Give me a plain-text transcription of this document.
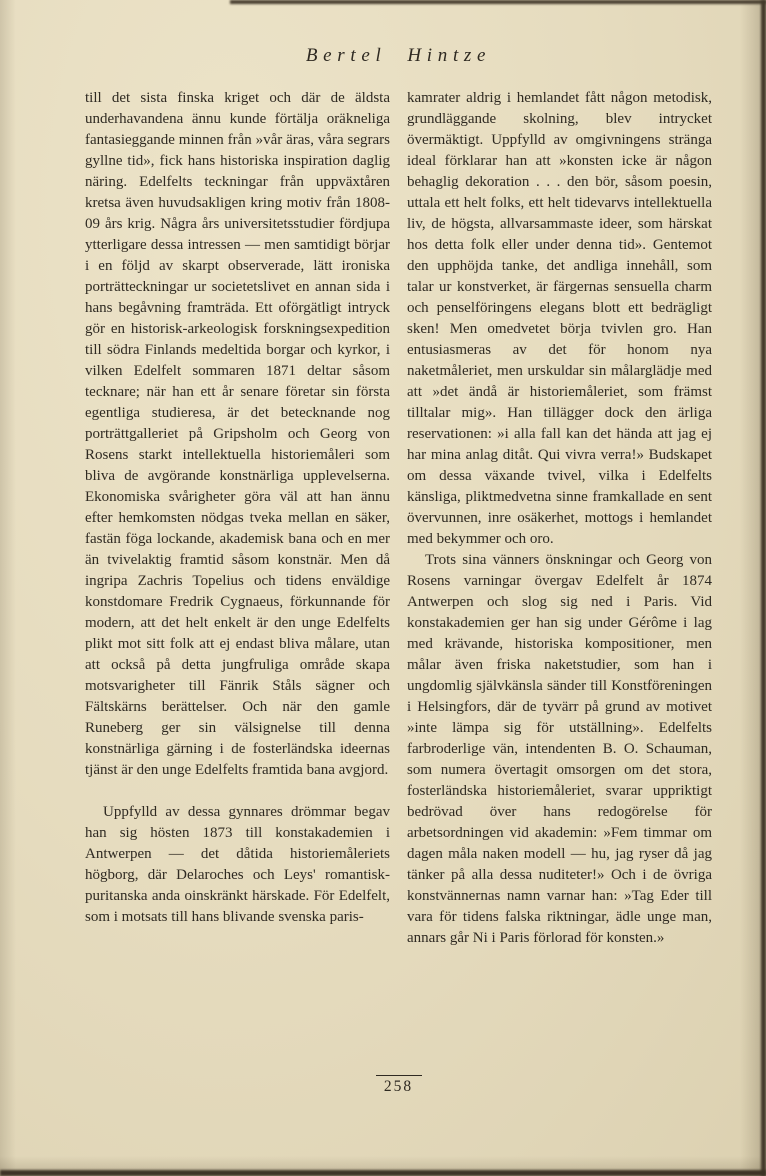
Bertel Hintze

till det sista finska kriget och där de äldsta underhavandena ännu kunde förtälja oräkneliga fantasieggande minnen från »vår äras, våra segrars gyllne tid», fick hans historiska inspiration daglig näring. Edelfelts teckningar från uppväxtåren kretsa även huvudsakligen kring motiv från 1808-09 års krig. Några års universitetsstudier fördjupa ytterligare dessa intressen — men samtidigt börjar i en följd av skarpt observerade, lätt ironiska porträtteckningar ur societetslivet en annan sida i hans begåvning framträda. Ett oförgätligt intryck gör en historisk-arkeologisk forskningsexpedition till södra Finlands medeltida borgar och kyrkor, i vilken Edelfelt sommaren 1871 deltar såsom tecknare; när han ett år senare företar sin första egentliga studieresa, är det betecknande nog porträttgalleriet på Gripsholm och Georg von Rosens starkt intellektuella historiemåleri som bliva de avgörande konstnärliga upplevelserna. Ekonomiska svårigheter göra väl att han ännu efter hemkomsten nödgas tveka mellan en säker, fastän föga lockande, akademisk bana och en mer än tvivelaktig framtid såsom konstnär. Men då ingripa Zachris Topelius och tidens enväldige konstdomare Fredrik Cygnaeus, förkunnande för modern, att det helt enkelt är den unge Edelfelts plikt mot sitt folk att ej endast bliva målare, utan att också på detta jungfruliga område skapa motsvarigheter till Fänrik Ståls sägner och Fältskärns berättelser. Och när den gamle Runeberg ger sin välsignelse till denna konstnärliga gärning i de fosterländska ideernas tjänst är den unge Edelfelts framtida bana avgjord.

Uppfylld av dessa gynnares drömmar begav han sig hösten 1873 till konstakademien i Antwerpen — det dåtida historiemåleriets högborg, där Delaroches och Leys' romantisk-puritanska anda oinskränkt härskade. För Edelfelt, som i motsats till hans blivande svenska paris-

kamrater aldrig i hemlandet fått någon metodisk, grundläggande skolning, blev intrycket övermäktigt. Uppfylld av omgivningens stränga ideal förklarar han att »konsten icke är någon behaglig dekoration . . . den bör, såsom poesin, uttala ett helt folks, ett helt tidevarvs intellektuella liv, de högsta, allvarsammaste ideer, som härskat hos detta folk eller under denna tid». Gentemot den upphöjda tanke, det andliga innehåll, som talar ur konstverket, är färgernas sensuella charm och penselföringens elegans blott ett bedrägligt sken! Men omedvetet börja tvivlen gro. Han entusiasmeras av det för honom nya naketmåleriet, men urskuldar sin målarglädje med att »det ändå är historiemåleriet, som främst tilltalar mig». Han tillägger dock den ärliga reservationen: »i alla fall kan det hända att jag ej har mina anlag ditåt. Qui vivra verra!» Budskapet om dessa växande tvivel, vilka i Edelfelts känsliga, pliktmedvetna sinne framkallade en sent övervunnen, inre osäkerhet, mottogs i hemlandet med bekymmer och oro.

Trots sina vänners önskningar och Georg von Rosens varningar övergav Edelfelt år 1874 Antwerpen och slog sig ned i Paris. Vid konstakademien ger han sig under Gérôme i lag med krävande, historiska kompositioner, men målar även friska naketstudier, som han i ungdomlig självkänsla sänder till Konstföreningen i Helsingfors, där de tyvärr på grund av motivet »inte lämpa sig för utställning». Edelfelts farbroderlige vän, intendenten B. O. Schauman, som numera övertagit omsorgen om det stora, fosterländska historiemåleriet, svarar uppriktigt bedrövad över hans redogörelse för arbetsordningen vid akademin: »Fem timmar om dagen måla naken modell — hu, jag ryser då jag tänker på alla dessa nuditeter!» Och i de övriga konstvännernas namn varnar han: »Tag Eder till vara för tidens falska riktningar, ädle unge man, annars går Ni i Paris förlorad för konsten.»

258
